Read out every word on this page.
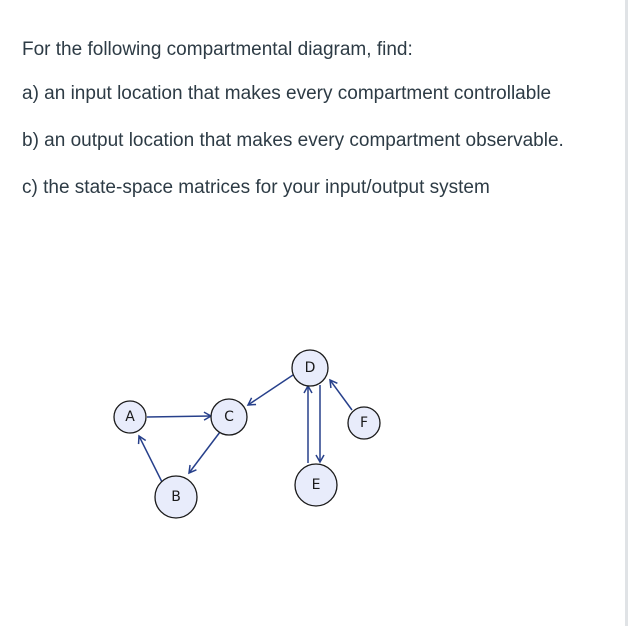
For the following compartmental diagram, find:

a) an input location that makes every compartment controllable

b) an output location that makes every compartment observable.

c) the state-space matrices for your input/output system

A
B
C
D
E
F
